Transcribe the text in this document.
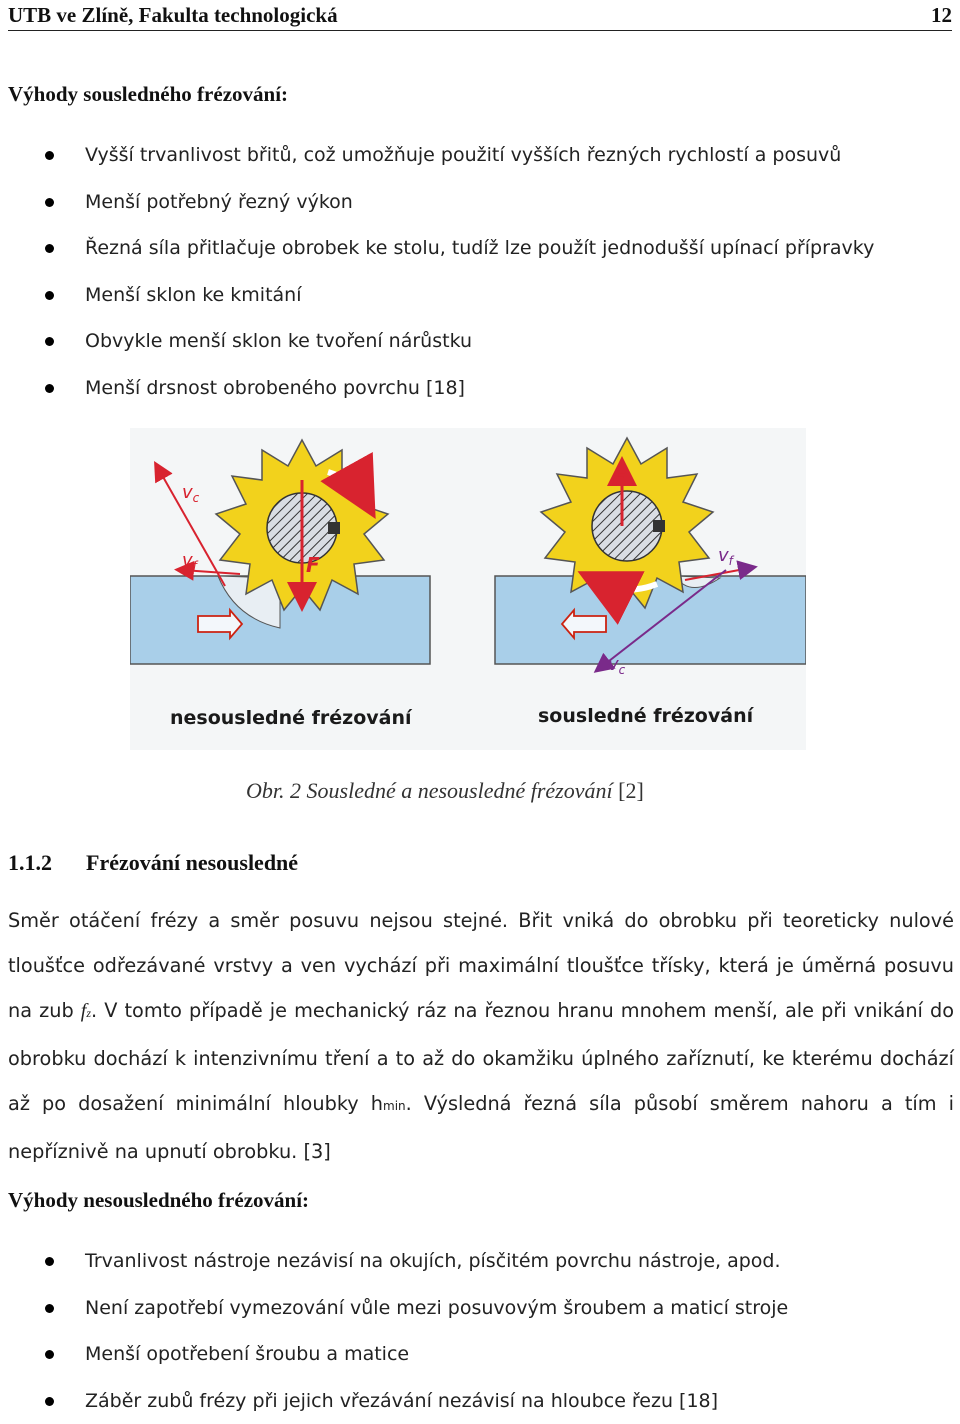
UTB ve Zlíně, Fakulta technologická	12
Výhody sousledného frézování:
Vyšší trvanlivost břitů, což umožňuje použití vyšších řezných rychlostí a posuvů
Menší potřebný řezný výkon
Řezná síla přitlačuje obrobek ke stolu, tudíž lze použít jednodušší upínací přípravky
Menší sklon ke kmitání
Obvykle menší sklon ke tvoření nárůstku
Menší drsnost obrobeného povrchu [18]
F
$v_c$
$v_f$
nesousledné frézování
F
$v_f$
$v_c$
sousledné frézování
Obr. 2 Sousledné a nesousledné frézování [2]
1.1.2 Frézování nesousledné
Směr otáčení frézy a směr posuvu nejsou stejné. Břit vniká do obrobku při teoreticky nulové tloušťce odřezávané vrstvy a ven vychází při maximální tloušťce třísky, která je úměrná posuvu na zub fz. V tomto případě je mechanický ráz na řeznou hranu mnohem menší, ale při vnikání do obrobku dochází k intenzivnímu tření a to až do okamžiku úplného zaříznutí, ke kterému dochází až po dosažení minimální hloubky hmin. Výsledná řezná síla působí směrem nahoru a tím i nepříznivě na upnutí obrobku. [3]
Výhody nesousledného frézování:
Trvanlivost nástroje nezávisí na okujích, písčitém povrchu nástroje, apod.
Není zapotřebí vymezování vůle mezi posuvovým šroubem a maticí stroje
Menší opotřebení šroubu a matice
Záběr zubů frézy při jejich vřezávání nezávisí na hloubce řezu [18]
